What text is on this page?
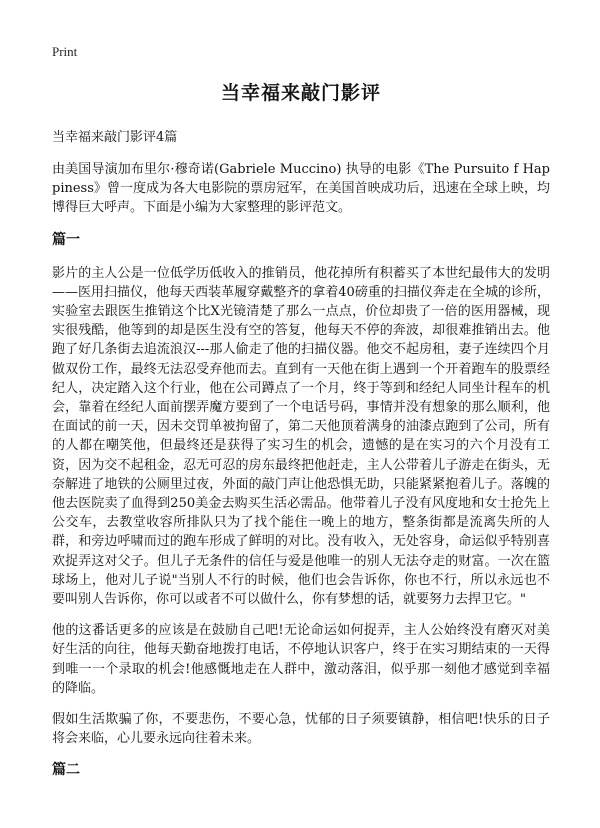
Print
当幸福来敲门影评
当幸福来敲门影评4篇

由美国导演加布里尔·穆奇诺(Gabriele Muccino) 执导的电影《The Pursuito f Happiness》曾一度成为各大电影院的票房冠军，在美国首映成功后，迅速在全球上映，均博得巨大呼声。下面是小编为大家整理的影评范文。

篇一

影片的主人公是一位低学历低收入的推销员，他花掉所有积蓄买了本世纪最伟大的发明——医用扫描仪，他每天西装革履穿戴整齐的拿着40磅重的扫描仪奔走在全城的诊所，实验室去跟医生推销这个比X光镜清楚了那么一点点，价位却贵了一倍的医用器械，现实很残酷，他等到的却是医生没有空的答复，他每天不停的奔波，却很难推销出去。他跑了好几条街去追流浪汉---那人偷走了他的扫描仪器。他交不起房租，妻子连续四个月做双份工作，最终无法忍受弃他而去。直到有一天他在街上遇到一个开着跑车的股票经纪人，决定踏入这个行业，他在公司蹲点了一个月，终于等到和经纪人同坐计程车的机会，靠着在经纪人面前摆弄魔方要到了一个电话号码，事情并没有想象的那么顺利，他在面试的前一天，因未交罚单被拘留了，第二天他顶着满身的油漆点跑到了公司，所有的人都在嘲笑他，但最终还是获得了实习生的机会，遗憾的是在实习的六个月没有工资，因为交不起租金，忍无可忍的房东最终把他赶走，主人公带着儿子游走在街头，无奈解进了地铁的公厕里过夜，外面的敲门声让他恐惧无助，只能紧紧抱着儿子。落魄的他去医院卖了血得到250美金去购买生活必需品。他带着儿子没有风度地和女士抢先上公交车，去教堂收容所排队只为了找个能住一晚上的地方，整条街都是流离失所的人群，和旁边呼啸而过的跑车形成了鲜明的对比。没有收入，无处容身，命运似乎特别喜欢捉弄这对父子。但儿子无条件的信任与爱是他唯一的别人无法夺走的财富。一次在篮球场上，他对儿子说"当别人不行的时候，他们也会告诉你，你也不行，所以永远也不要叫别人告诉你，你可以或者不可以做什么，你有梦想的话，就要努力去捍卫它。"

他的这番话更多的应该是在鼓励自己吧!无论命运如何捉弄，主人公始终没有磨灭对美好生活的向往，他每天勤奋地拨打电话，不停地认识客户，终于在实习期结束的一天得到唯一一个录取的机会!他感慨地走在人群中，激动落泪，似乎那一刻他才感觉到幸福的降临。

假如生活欺骗了你，不要悲伤，不要心急，忧郁的日子须要镇静，相信吧!快乐的日子将会来临，心儿要永远向往着未来。

篇二
